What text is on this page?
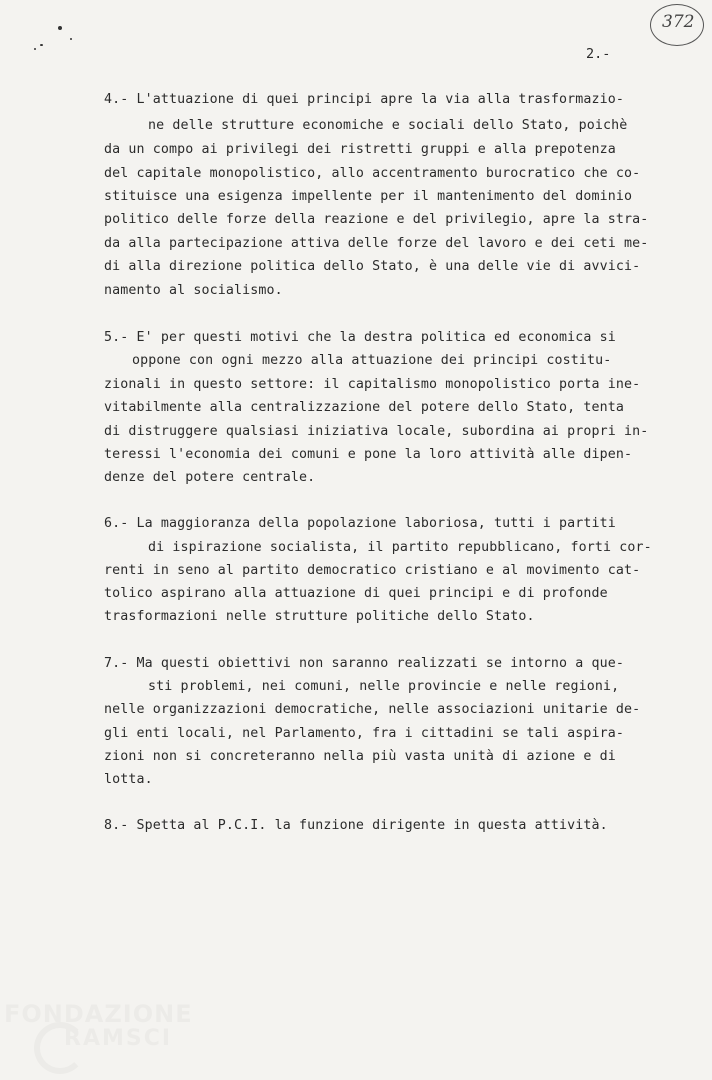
372
2.-
4.- L'attuazione di quei principi apre la via alla trasformazio-
ne delle strutture economiche e sociali dello Stato, poichè
da un compo ai privilegi dei ristretti gruppi e alla prepotenza
del capitale monopolistico, allo accentramento burocratico che co-
stituisce una esigenza impellente per il mantenimento del dominio
politico delle forze della reazione e del privilegio, apre la stra-
da alla partecipazione attiva delle forze del lavoro e dei ceti me-
di alla direzione politica dello Stato, è una delle vie di avvici-
namento al socialismo.
5.- E' per questi motivi che la destra politica ed economica si
oppone con ogni mezzo alla attuazione dei principi costitu-
zionali in questo settore: il capitalismo monopolistico porta ine-
vitabilmente alla centralizzazione del potere dello Stato, tenta
di distruggere qualsiasi iniziativa locale, subordina ai propri in-
teressi l'economia dei comuni e pone la loro attività alle dipen-
denze del potere centrale.
6.- La maggioranza della popolazione laboriosa, tutti i partiti
di ispirazione socialista, il partito repubblicano, forti cor-
renti in seno al partito democratico cristiano e al movimento cat-
tolico aspirano alla attuazione di quei principi e di profonde
trasformazioni nelle strutture politiche dello Stato.
7.- Ma questi obiettivi non saranno realizzati se intorno a que-
sti problemi, nei comuni, nelle provincie e nelle regioni,
nelle organizzazioni democratiche, nelle associazioni unitarie de-
gli enti locali, nel Parlamento, fra i cittadini se tali aspira-
zioni non si concreteranno nella più vasta unità di azione e di
lotta.
8.- Spetta al P.C.I. la funzione dirigente in questa attività.
FONDAZIONE
RAMSCI
